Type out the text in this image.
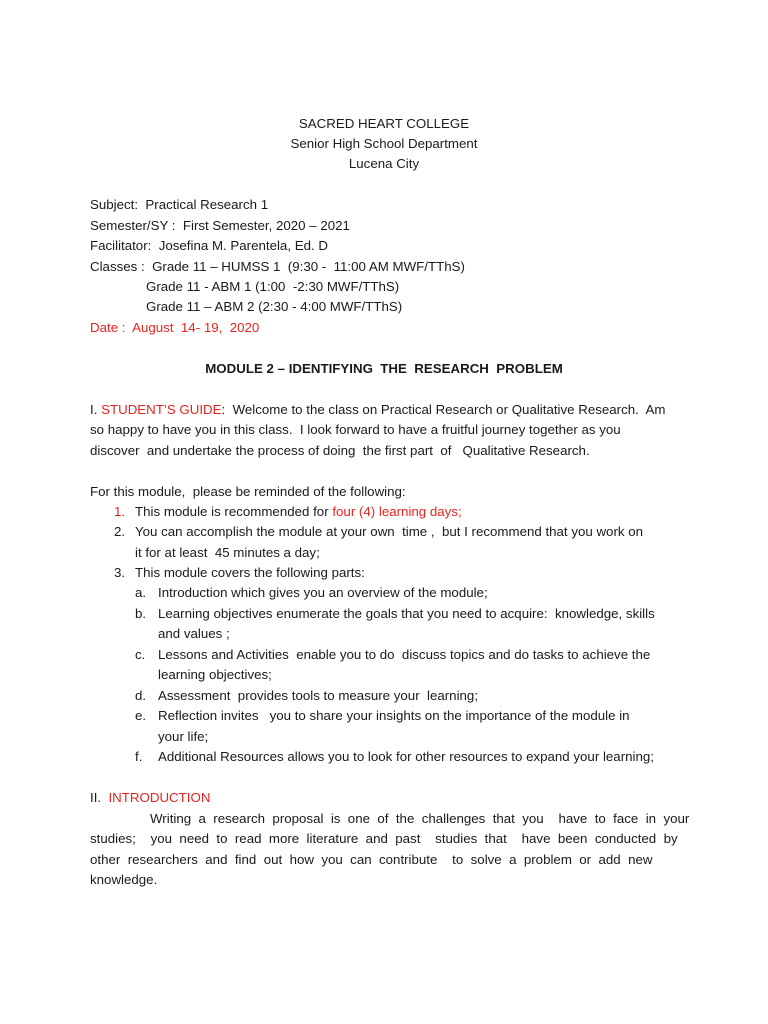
SACRED HEART COLLEGE
Senior High School Department
Lucena City
Subject:  Practical Research 1
Semester/SY :  First Semester, 2020 – 2021
Facilitator:  Josefina M. Parentela, Ed. D
Classes :  Grade 11 – HUMSS 1  (9:30 -  11:00 AM MWF/TThS)
Grade 11 - ABM 1 (1:00  -2:30 MWF/TThS)
Grade 11 – ABM 2 (2:30 - 4:00 MWF/TThS)
Date :  August  14- 19,  2020
MODULE 2 – IDENTIFYING  THE  RESEARCH  PROBLEM
I. STUDENT’S GUIDE:  Welcome to the class on Practical Research or Qualitative Research.  Am
so happy to have you in this class.  I look forward to have a fruitful journey together as you
discover  and undertake the process of doing  the first part  of   Qualitative Research.
For this module,  please be reminded of the following:
1. This module is recommended for four (4) learning days;
2. You can accomplish the module at your own  time ,  but I recommend that you work on
it for at least  45 minutes a day;
3. This module covers the following parts:
a. Introduction which gives you an overview of the module;
b. Learning objectives enumerate the goals that you need to acquire:  knowledge, skills
and values ;
c. Lessons and Activities  enable you to do  discuss topics and do tasks to achieve the
learning objectives;
d. Assessment  provides tools to measure your  learning;
e. Reflection invites   you to share your insights on the importance of the module in
your life;
f. Additional Resources allows you to look for other resources to expand your learning;
II. INTRODUCTION
Writing  a  research  proposal  is  one  of  the  challenges  that  you    have  to  face  in  your
studies;    you  need  to  read  more  literature  and  past    studies  that    have  been  conducted  by
other  researchers  and  find  out  how  you  can  contribute    to  solve  a  problem  or  add  new
knowledge.
